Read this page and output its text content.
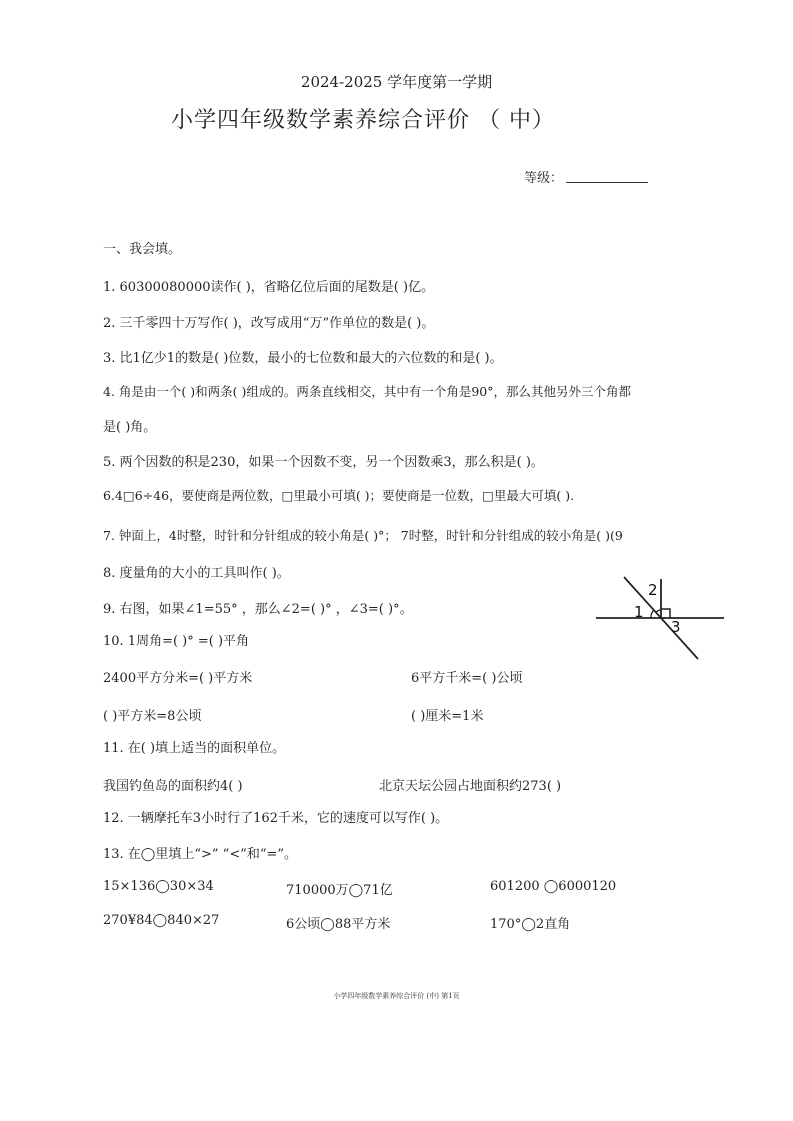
2024-2025 学年度第一学期
小学四年级数学素养综合评价 （ 中）
等级：
一、我会填。
1. 60300080000读作( )，省略亿位后面的尾数是( )亿。
2. 三千零四十万写作( )，改写成用“万”作单位的数是( )。
3. 比1亿少1的数是( )位数，最小的七位数和最大的六位数的和是( )。
4. 角是由一个( )和两条( )组成的。两条直线相交，其中有一个角是90°，那么其他另外三个角都
是( )角。
5. 两个因数的积是230，如果一个因数不变，另一个因数乘3，那么积是( )。
6.4□6÷46，要使商是两位数，□里最小可填( )；要使商是一位数，□里最大可填( ).
7. 钟面上，4时整，时针和分针组成的较小角是( )°； 7时整，时针和分针组成的较小角是( )(9
8. 度量角的大小的工具叫作( )。
9. 右图，如果∠1=55° ，那么∠2=( )° ，∠3=( )°。	1
2
3
10. 1周角=( )° =( )平角
2400平方分米=( )平方米	6平方千米=( )公顷
( )平方米=8公顷	( )厘米=1米
11. 在( )填上适当的面积单位。
我国钓鱼岛的面积约4( )	北京天坛公园占地面积约273( )
12. 一辆摩托车3小时行了162千米，它的速度可以写作( )。
13. 在◯里填上“>” “<”和“=”。
15×136◯30×34	710000万◯71亿	601200 ◯6000120
270¥84◯840×27	6公顷◯88平方米	170°◯2直角
小学四年级数学素养综合评价 (中) 第1页
